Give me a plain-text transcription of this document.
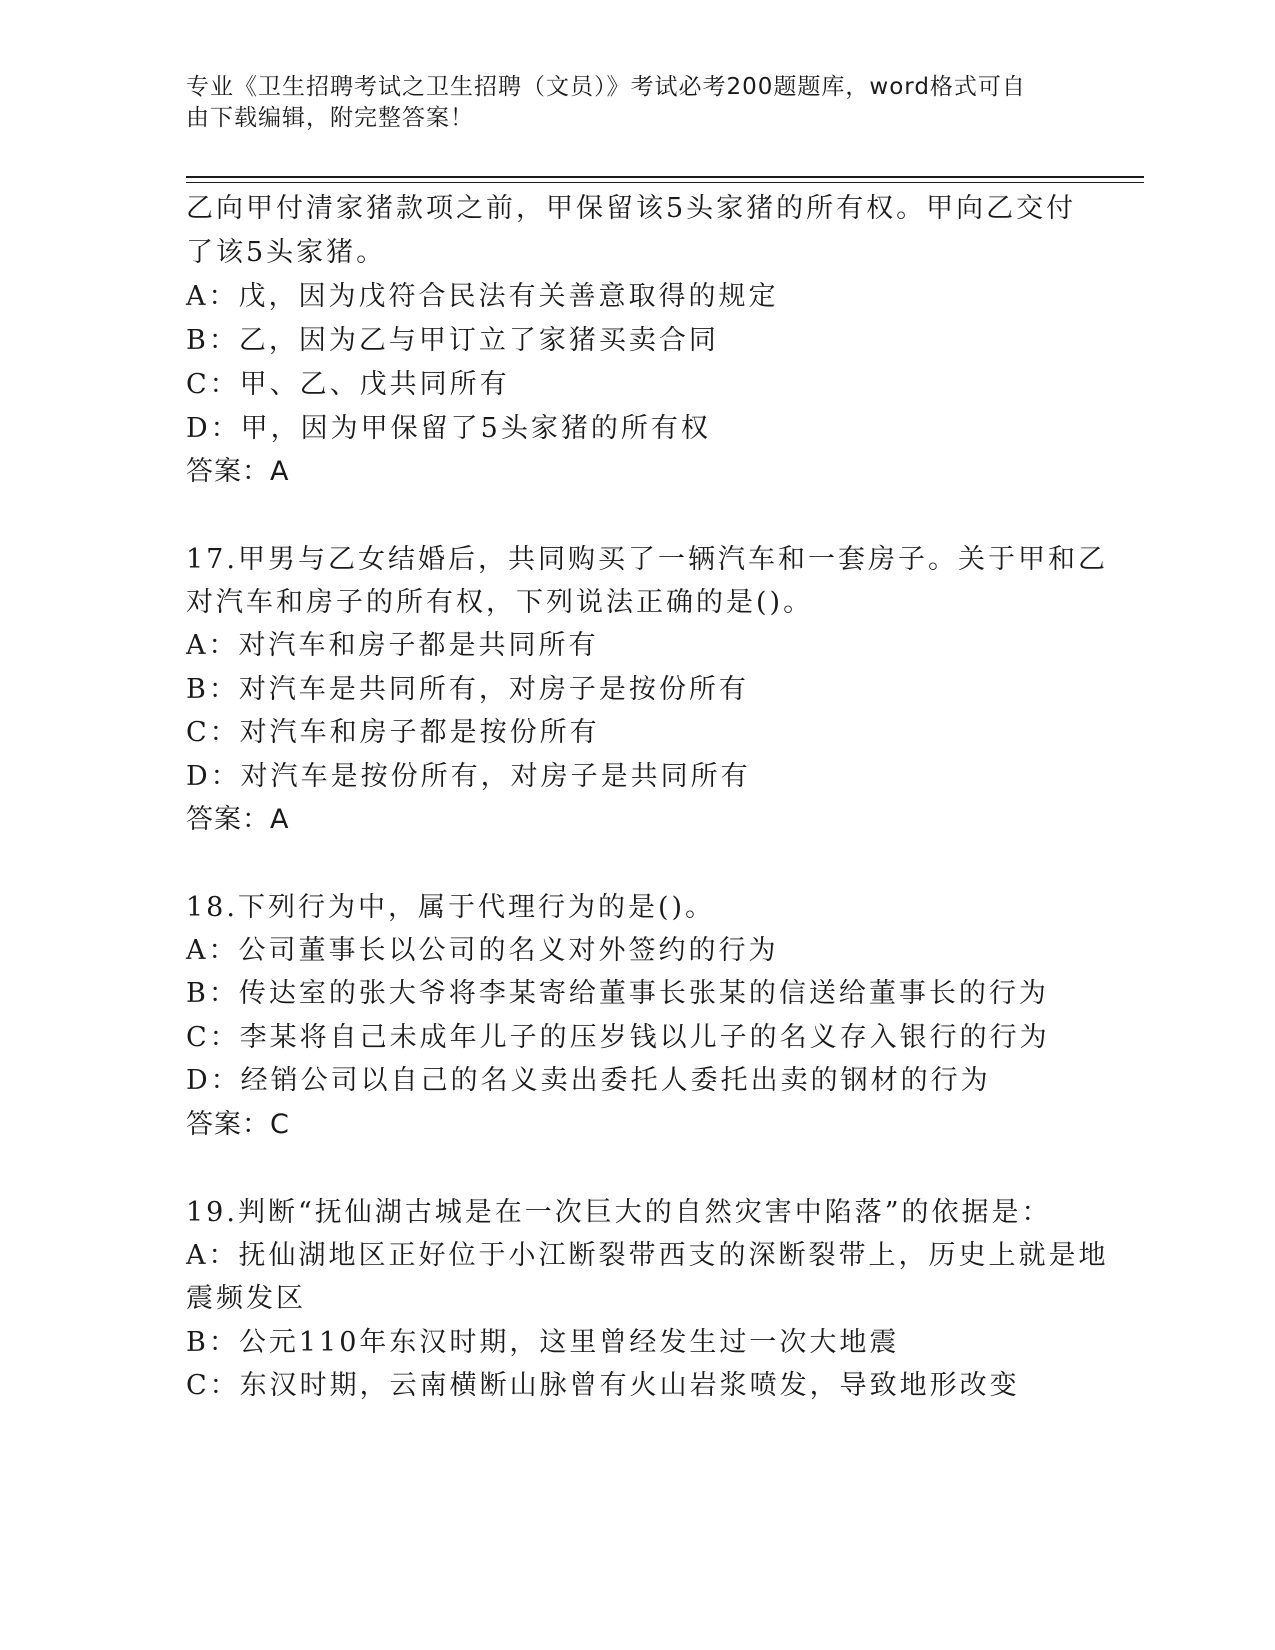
专业《卫生招聘考试之卫生招聘（文员）》考试必考200题题库，word格式可自
由下载编辑，附完整答案！
乙向甲付清家猪款项之前，甲保留该5头家猪的所有权。甲向乙交付
了该5头家猪。
A：戊，因为戊符合民法有关善意取得的规定
B：乙，因为乙与甲订立了家猪买卖合同
C：甲、乙、戊共同所有
D：甲，因为甲保留了5头家猪的所有权
答案：A
17.甲男与乙女结婚后，共同购买了一辆汽车和一套房子。关于甲和乙
对汽车和房子的所有权，下列说法正确的是()。
A：对汽车和房子都是共同所有
B：对汽车是共同所有，对房子是按份所有
C：对汽车和房子都是按份所有
D：对汽车是按份所有，对房子是共同所有
答案：A
18.下列行为中，属于代理行为的是()。
A：公司董事长以公司的名义对外签约的行为
B：传达室的张大爷将李某寄给董事长张某的信送给董事长的行为
C：李某将自己未成年儿子的压岁钱以儿子的名义存入银行的行为
D：经销公司以自己的名义卖出委托人委托出卖的钢材的行为
答案：C
19.判断“抚仙湖古城是在一次巨大的自然灾害中陷落”的依据是：
A：抚仙湖地区正好位于小江断裂带西支的深断裂带上，历史上就是地
震频发区
B：公元110年东汉时期，这里曾经发生过一次大地震
C：东汉时期，云南横断山脉曾有火山岩浆喷发，导致地形改变
